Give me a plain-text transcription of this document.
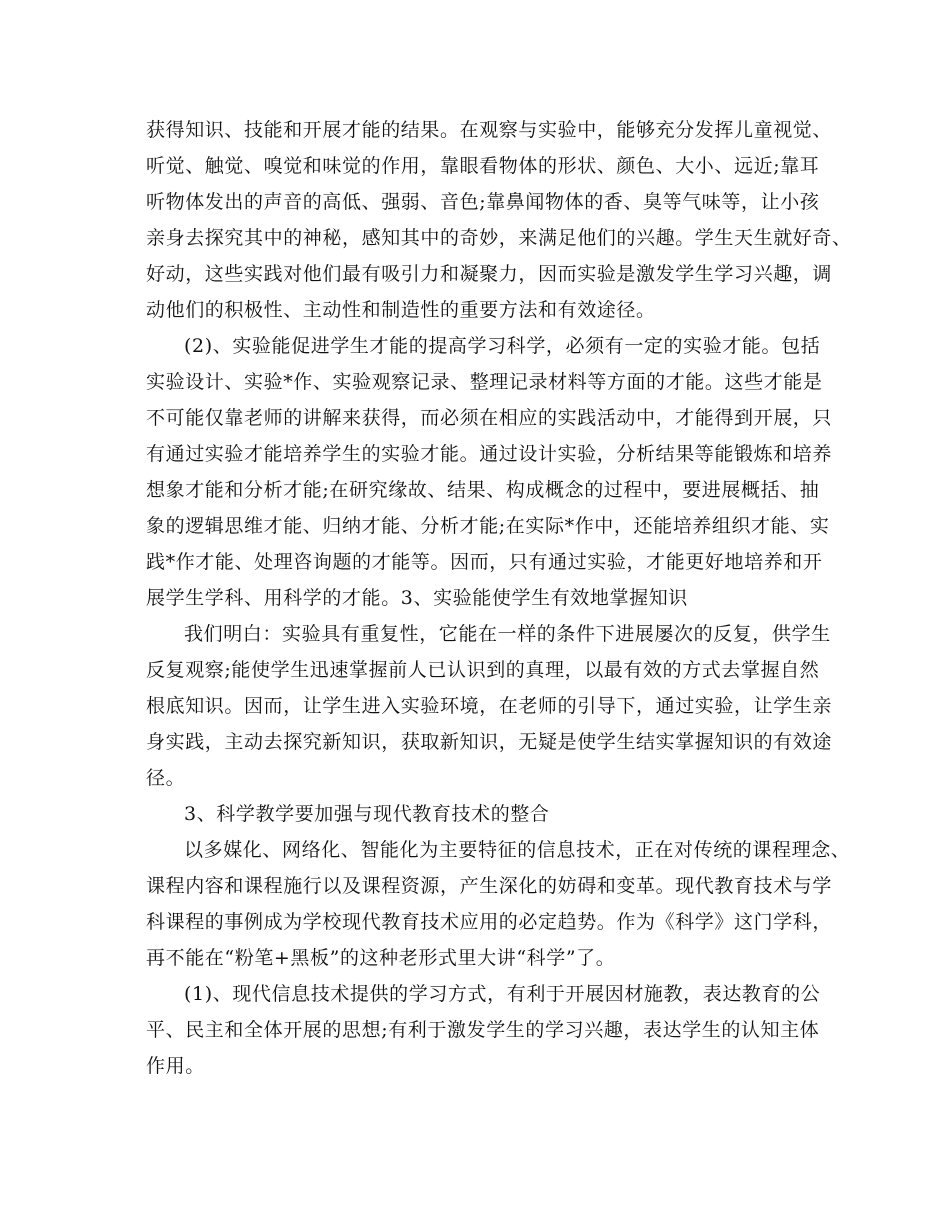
获得知识、技能和开展才能的结果。在观察与实验中，能够充分发挥儿童视觉、
听觉、触觉、嗅觉和味觉的作用，靠眼看物体的形状、颜色、大小、远近;靠耳
听物体发出的声音的高低、强弱、音色;靠鼻闻物体的香、臭等气味等，让小孩
亲身去探究其中的神秘，感知其中的奇妙，来满足他们的兴趣。学生天生就好奇、
好动，这些实践对他们最有吸引力和凝聚力，因而实验是激发学生学习兴趣，调
动他们的积极性、主动性和制造性的重要方法和有效途径。
(2)、实验能促进学生才能的提高学习科学，必须有一定的实验才能。包括
实验设计、实验*作、实验观察记录、整理记录材料等方面的才能。这些才能是
不可能仅靠老师的讲解来获得，而必须在相应的实践活动中，才能得到开展，只
有通过实验才能培养学生的实验才能。通过设计实验，分析结果等能锻炼和培养
想象才能和分析才能;在研究缘故、结果、构成概念的过程中，要进展概括、抽
象的逻辑思维才能、归纳才能、分析才能;在实际*作中，还能培养组织才能、实
践*作才能、处理咨询题的才能等。因而，只有通过实验，才能更好地培养和开
展学生学科、用科学的才能。3、实验能使学生有效地掌握知识
我们明白：实验具有重复性，它能在一样的条件下进展屡次的反复，供学生
反复观察;能使学生迅速掌握前人已认识到的真理，以最有效的方式去掌握自然
根底知识。因而，让学生进入实验环境，在老师的引导下，通过实验，让学生亲
身实践，主动去探究新知识，获取新知识，无疑是使学生结实掌握知识的有效途
径。
3、科学教学要加强与现代教育技术的整合
以多媒化、网络化、智能化为主要特征的信息技术，正在对传统的课程理念、
课程内容和课程施行以及课程资源，产生深化的妨碍和变革。现代教育技术与学
科课程的事例成为学校现代教育技术应用的必定趋势。作为《科学》这门学科，
再不能在“粉笔+黑板”的这种老形式里大讲“科学”了。
(1)、现代信息技术提供的学习方式，有利于开展因材施教，表达教育的公
平、民主和全体开展的思想;有利于激发学生的学习兴趣，表达学生的认知主体
作用。
